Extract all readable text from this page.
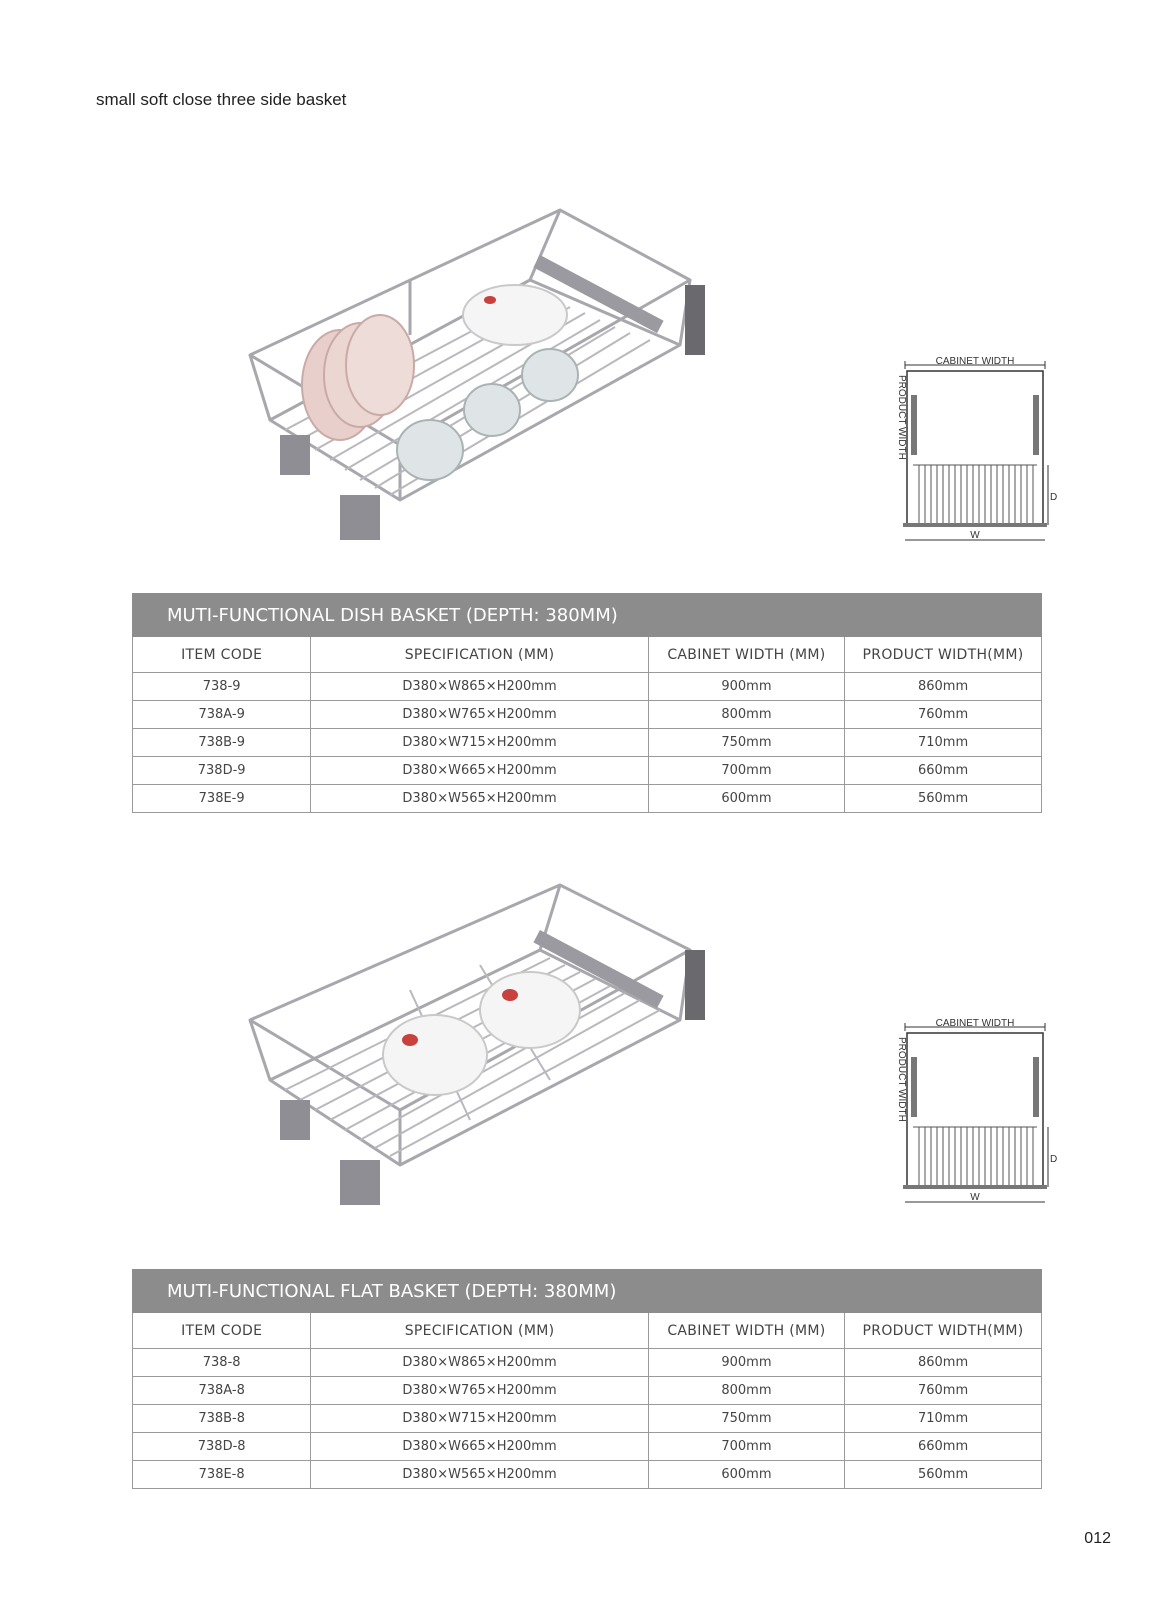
small soft close three side basket
CABINET WIDTH
PRODUCT WIDTH
D
W
MUTI-FUNCTIONAL DISH BASKET (DEPTH: 380MM)			
ITEM CODE	SPECIFICATION (MM)	CABINET WIDTH (MM)	PRODUCT WIDTH(MM)
738-9	D380×W865×H200mm	900mm	860mm
738A-9	D380×W765×H200mm	800mm	760mm
738B-9	D380×W715×H200mm	750mm	710mm
738D-9	D380×W665×H200mm	700mm	660mm
738E-9	D380×W565×H200mm	600mm	560mm
CABINET WIDTH
PRODUCT WIDTH
D
W
MUTI-FUNCTIONAL FLAT BASKET (DEPTH: 380MM)			
ITEM CODE	SPECIFICATION (MM)	CABINET WIDTH (MM)	PRODUCT WIDTH(MM)
738-8	D380×W865×H200mm	900mm	860mm
738A-8	D380×W765×H200mm	800mm	760mm
738B-8	D380×W715×H200mm	750mm	710mm
738D-8	D380×W665×H200mm	700mm	660mm
738E-8	D380×W565×H200mm	600mm	560mm
012
